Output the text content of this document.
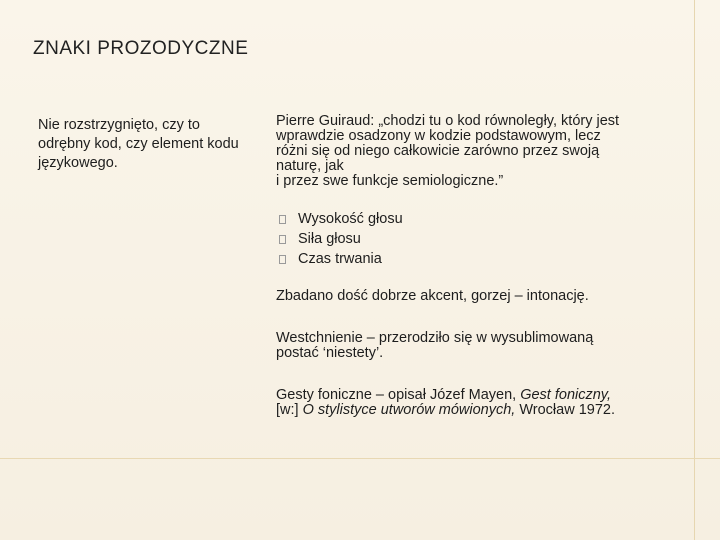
ZNAKI PROZODYCZNE

Nie rozstrzygnięto, czy to odrębny kod, czy element kodu językowego.

Pierre Guiraud: „chodzi tu o kod równoległy, który jest
wprawdzie osadzony w kodzie podstawowym, lecz
różni się od niego całkowicie zarówno przez swoją
naturę, jak
i przez swe funkcje semiologiczne.”
Wysokość głosu
Siła głosu
Czas trwania

Zbadano dość dobrze akcent, gorzej – intonację.

Westchnienie – przerodziło się w wysublimowaną
postać ‘niestety’.

Gesty foniczne – opisał Józef Mayen, Gest foniczny,
[w:] O stylistyce utworów mówionych, Wrocław 1972.
